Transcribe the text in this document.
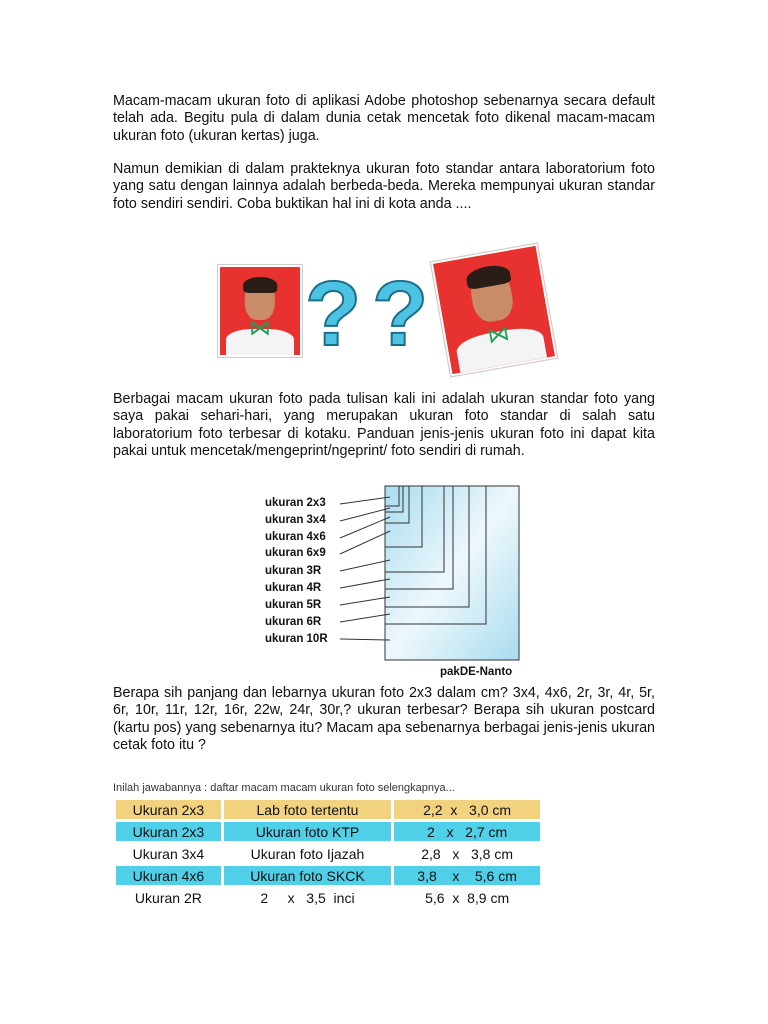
Macam-macam ukuran foto di aplikasi Adobe photoshop sebenarnya secara default telah ada. Begitu pula di dalam dunia cetak mencetak foto dikenal macam-macam ukuran foto (ukuran kertas) juga.

Namun demikian di dalam prakteknya ukuran foto standar antara laboratorium foto yang satu dengan lainnya adalah berbeda-beda. Mereka mempunyai ukuran standar foto sendiri sendiri. Coba buktikan hal ini di kota anda ....

⋈ ? ?	⋈

Berbagai macam ukuran foto pada tulisan kali ini adalah ukuran standar foto yang saya pakai sehari-hari, yang merupakan ukuran foto standar di salah satu laboratorium foto terbesar di kotaku. Panduan jenis-jenis ukuran foto ini dapat kita pakai untuk mencetak/mengeprint/ngeprint/ foto sendiri di rumah.

ukuran 2x3
ukuran 3x4
ukuran 4x6
ukuran 6x9
ukuran 3R
ukuran 4R
ukuran 5R
ukuran 6R
ukuran 10R
pakDE-Nanto

Berapa sih panjang dan lebarnya ukuran foto 2x3 dalam cm? 3x4, 4x6, 2r, 3r, 4r, 5r, 6r, 10r, 11r, 12r, 16r, 22w, 24r, 30r,? ukuran terbesar? Berapa sih ukuran postcard (kartu pos) yang sebenarnya itu? Macam apa sebenarnya berbagai jenis-jenis ukuran cetak foto itu ?

Inilah jawabannya : daftar macam macam ukuran foto selengkapnya...
Ukuran 2x3	Lab foto tertentu	2,2  x   3,0 cm
Ukuran 2x3	Ukuran foto KTP	2   x   2,7 cm
Ukuran 3x4	Ukuran foto Ijazah	2,8   x   3,8 cm
Ukuran 4x6	Ukuran foto SKCK	3,8    x    5,6 cm
Ukuran 2R	2     x   3,5  inci	5,6  x  8,9 cm
